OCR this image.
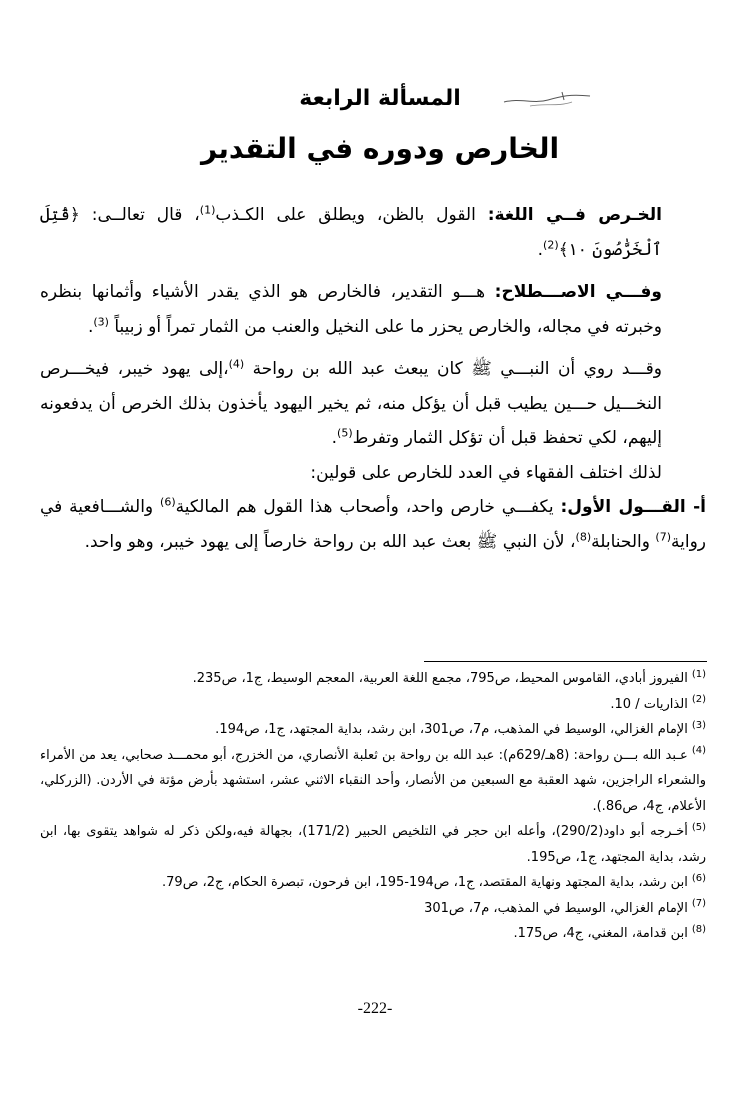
المسألة الرابعة
الخارص ودوره في التقدير

الخـرص فــي اللغة: القول بالظن، ويطلق على الكـذب$^{(1)}$، قال تعالــى: ﴿قُتِلَ ٱلْخَرَّٰصُونَ ١٠﴾$^{(2)}$.

وفـــي الاصـــطلاح: هـــو التقدير، فالخارص هو الذي يقدر الأشياء وأثمانها بنظره وخبرته في مجاله، والخارص يحزر ما على النخيل والعنب من الثمار تمراً أو زبيباً $^{(3)}$.

وقـــد روي أن النبـــي ﷺ كان يبعث عبد الله بن رواحة $^{(4)}$،إلى يهود خيبر، فيخـــرص النخـــيل حـــين يطيب قبل أن يؤكل منه، ثم يخير اليهود يأخذون بذلك الخرص أن يدفعونه إليهم، لكي تحفظ قبل أن تؤكل الثمار وتفرط$^{(5)}$.

لذلك اختلف الفقهاء في العدد للخارص على قولين:

أ- القـــول الأول: يكفـــي خارص واحد، وأصحاب هذا القول هم المالكية$^{(6)}$ والشـــافعية في رواية$^{(7)}$ والحنابلة$^{(8)}$، لأن النبي ﷺ بعث عبد الله بن رواحة خارصاً إلى يهود خيبر، وهو واحد.

$^{(1)}$الفيروز أبادي، القاموس المحيط، ص795، مجمع اللغة العربية، المعجم الوسيط، ج1، ص235.

$^{(2)}$الذاريات / 10.

$^{(3)}$الإمام الغزالي، الوسيط في المذهب، م7، ص301، ابن رشد، بداية المجتهد، ج1، ص194.

$^{(4)}$عـبد الله بـــن رواحة: (8هـ/629م): عبد الله بن رواحة بن ثعلبة الأنصاري، من الخزرج، أبو محمـــد صحابي، يعد من الأمراء والشعراء الراجزين، شهد العقبة مع السبعين من الأنصار، وأحد النقباء الاثني عشر، استشهد بأرض مؤتة في الأردن. (الزركلي، الأعلام، ج4، ص86.).

$^{(5)}$أخـرجه أبو داود(290/2)، وأعله ابن حجر في التلخيص الحبير (171/2)، بجهالة فيه،ولكن ذكر له شواهد يتقوى بها، ابن رشد، بداية المجتهد، ج1، ص195.

$^{(6)}$ابن رشد، بداية المجتهد ونهاية المقتصد، ج1، ص194-195، ابن فرحون، تبصرة الحكام، ج2، ص79.

$^{(7)}$الإمام الغزالي، الوسيط في المذهب، م7، ص301

$^{(8)}$ابن قدامة، المغني، ج4، ص175.

-222-
